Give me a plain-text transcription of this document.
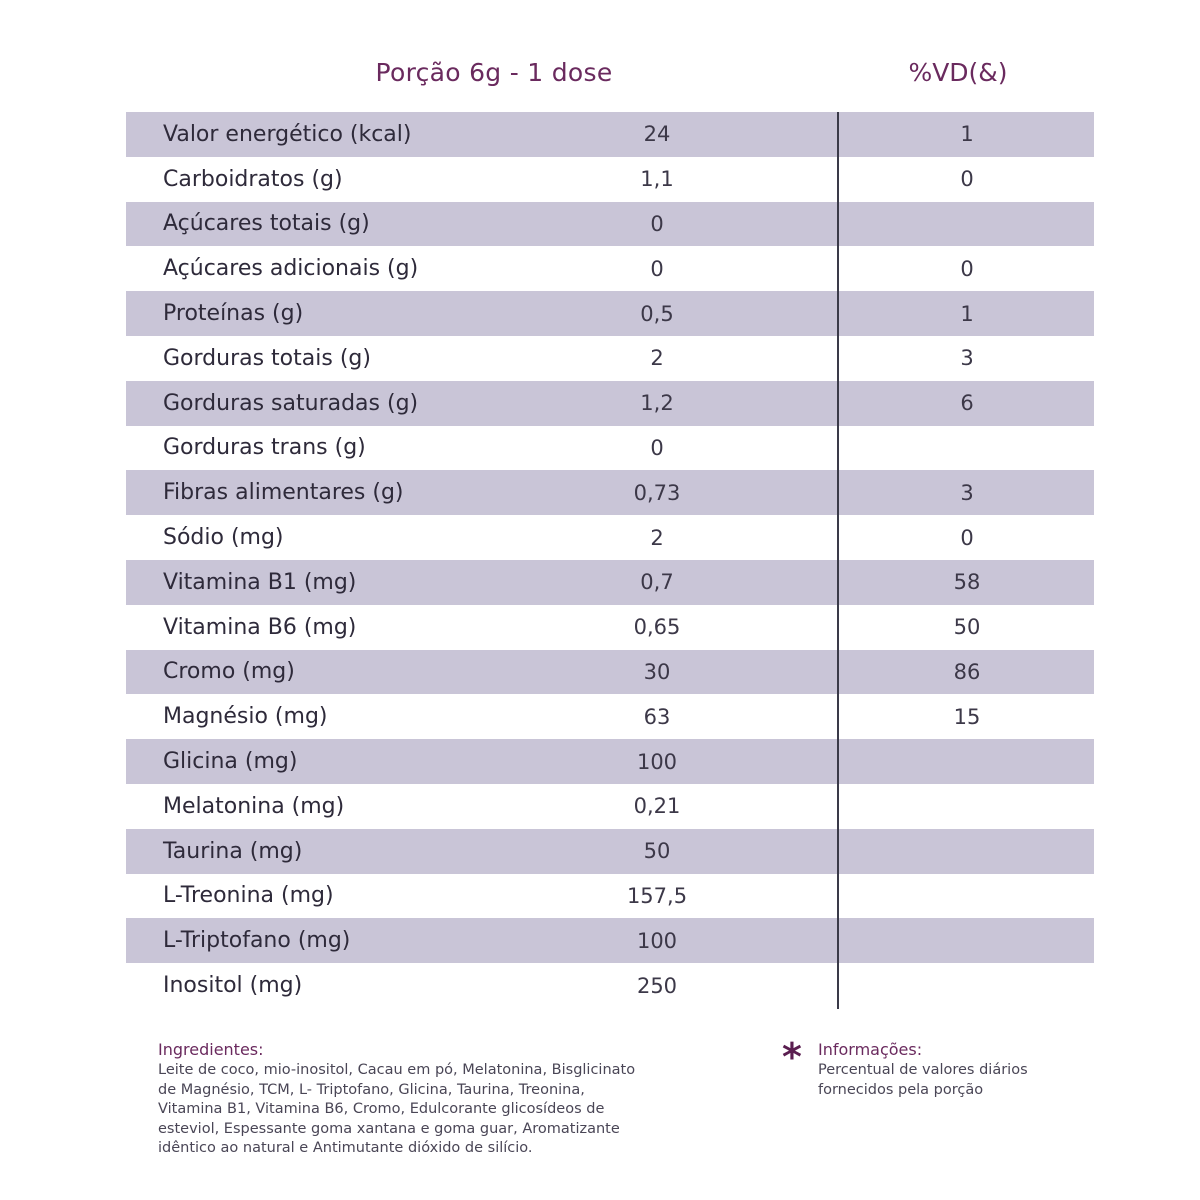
Porção 6g - 1 dose	%VD(&)
Valor energético (kcal)	24	1
Carboidratos (g)	1,1	0
Açúcares totais (g)	0
Açúcares adicionais (g)	0	0
Proteínas (g)	0,5	1
Gorduras totais (g)	2	3
Gorduras saturadas (g)	1,2	6
Gorduras trans (g)	0
Fibras alimentares (g)	0,73	3
Sódio (mg)	2	0
Vitamina B1 (mg)	0,7	58
Vitamina B6 (mg)	0,65	50
Cromo (mg)	30	86
Magnésio (mg)	63	15
Glicina (mg)	100
Melatonina (mg)	0,21
Taurina (mg)	50
L-Treonina (mg)	157,5
L-Triptofano (mg)	100
Inositol (mg)	250

Ingredientes:

Leite de coco, mio-inositol, Cacau em pó, Melatonina, Bisglicinato

de Magnésio, TCM, L- Triptofano, Glicina, Taurina, Treonina,

Vitamina B1, Vitamina B6, Cromo, Edulcorante glicosídeos de

esteviol, Espessante goma xantana e goma guar, Aromatizante

idêntico ao natural e Antimutante dióxido de silício.

* Informações:

Percentual de valores diários

fornecidos pela porção
